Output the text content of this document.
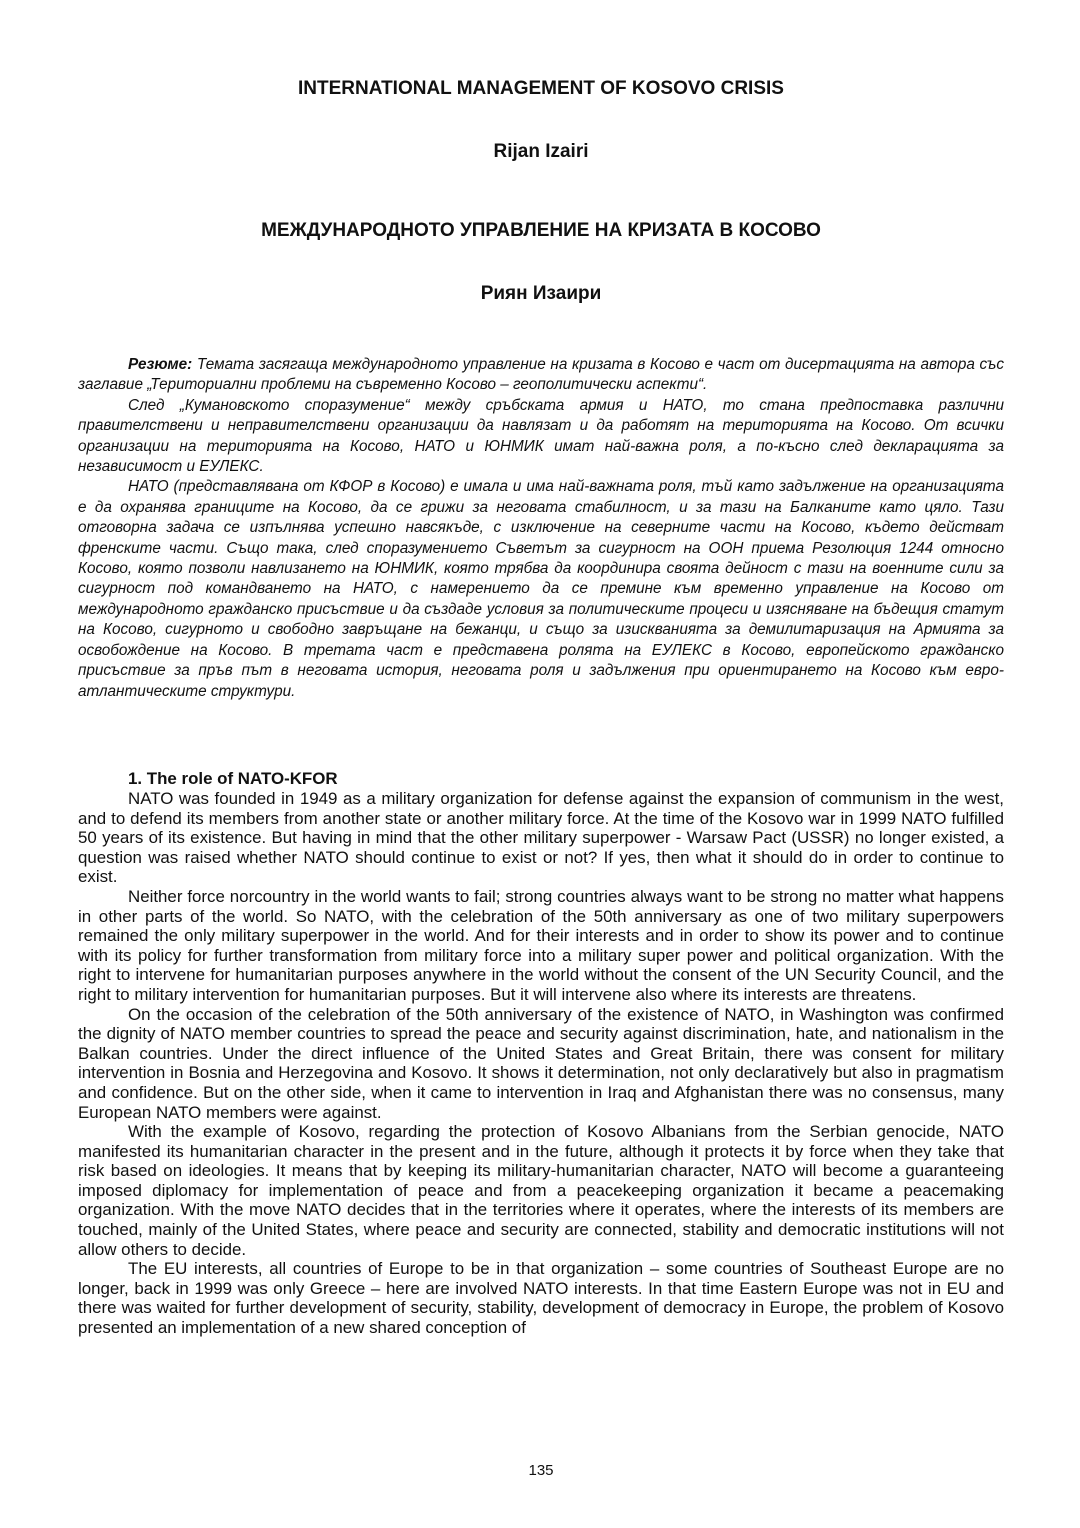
INTERNATIONAL MANAGEMENT OF KOSOVO CRISIS
Rijan Izairi
МЕЖДУНАРОДНОТО УПРАВЛЕНИЕ НА КРИЗАТА В КОСОВО
Риян Изаири

Резюме: Темата засягаща международното управление на кризата в Косово е част от дисертацията на автора със заглавие „Териториални проблеми на съвременно Косово – геополитически аспекти“.

След „Кумановското споразумение“ между сръбската армия и НАТО, то стана предпоставка различни правителствени и неправителствени организации да навлязат и да работят на територията на Косово. От всички организации на територията на Косово, НАТО и ЮНМИК имат най-важна роля, а по-късно след декларацията за независимост и ЕУЛЕКС.

НАТО (представлявана от КФОР в Косово) е имала и има най-важната роля, тъй като задължение на организацията е да охранява границите на Косово, да се грижи за неговата стабилност, и за тази на Балканите като цяло. Тази отговорна задача се изпълнява успешно навсякъде, с изключение на северните части на Косово, където действат френските части. Също така, след споразумението Съветът за сигурност на ООН приема Резолюция 1244 относно Косово, която позволи навлизането на ЮНМИК, която трябва да координира своята дейност с тази на военните сили за сигурност под командването на НАТО, с намерението да се премине към временно управление на Косово от международното гражданско присъствие и да създаде условия за политическите процеси и изясняване на бъдещия статут на Косово, сигурното и свободно завръщане на бежанци, и също за изискванията за демилитаризация на Армията за освобождение на Косово. В третата част е представена ролята на ЕУЛЕКС в Косово, европейското гражданско присъствие за пръв път в неговата история, неговата роля и задължения при ориентирането на Косово към евро-атлантическите структури.

1. The role of NATO-KFOR

NATO was founded in 1949 as a military organization for defense against the expansion of communism in the west, and to defend its members from another state or another military force. At the time of the Kosovo war in 1999 NATO fulfilled 50 years of its existence. But having in mind that the other military superpower - Warsaw Pact (USSR) no longer existed, a question was raised whether NATO should continue to exist or not? If yes, then what it should do in order to continue to exist.

Neither force norcountry in the world wants to fail; strong countries always want to be strong no matter what happens in other parts of the world. So NATO, with the celebration of the 50th anniversary as one of two military superpowers remained the only military superpower in the world. And for their interests and in order to show its power and to continue with its policy for further transformation from military force into a military super power and political organization. With the right to intervene for humanitarian purposes anywhere in the world without the consent of the UN Security Council, and the right to military intervention for humanitarian purposes. But it will intervene also where its interests are threatens.

On the occasion of the celebration of the 50th anniversary of the existence of NATO, in Washington was confirmed the dignity of NATO member countries to spread the peace and security against discrimination, hate, and nationalism in the Balkan countries. Under the direct influence of the United States and Great Britain, there was consent for military intervention in Bosnia and Herzegovina and Kosovo. It shows it determination, not only declaratively but also in pragmatism and confidence. But on the other side, when it came to intervention in Iraq and Afghanistan there was no consensus, many European NATO members were against.

With the example of Kosovo, regarding the protection of Kosovo Albanians from the Serbian genocide, NATO manifested its humanitarian character in the present and in the future, although it protects it by force when they take that risk based on ideologies. It means that by keeping its military-humanitarian character, NATO will become a guaranteeing imposed diplomacy for implementation of peace and from a peacekeeping organization it became a peacemaking organization. With the move NATO decides that in the territories where it operates, where the interests of its members are touched, mainly of the United States, where peace and security are connected, stability and democratic institutions will not allow others to decide.

The EU interests, all countries of Europe to be in that organization – some countries of Southeast Europe are no longer, back in 1999 was only Greece – here are involved NATO interests. In that time Eastern Europe was not in EU and there was waited for further development of security, stability, development of democracy in Europe, the problem of Kosovo presented an implementation of a new shared conception of

135
